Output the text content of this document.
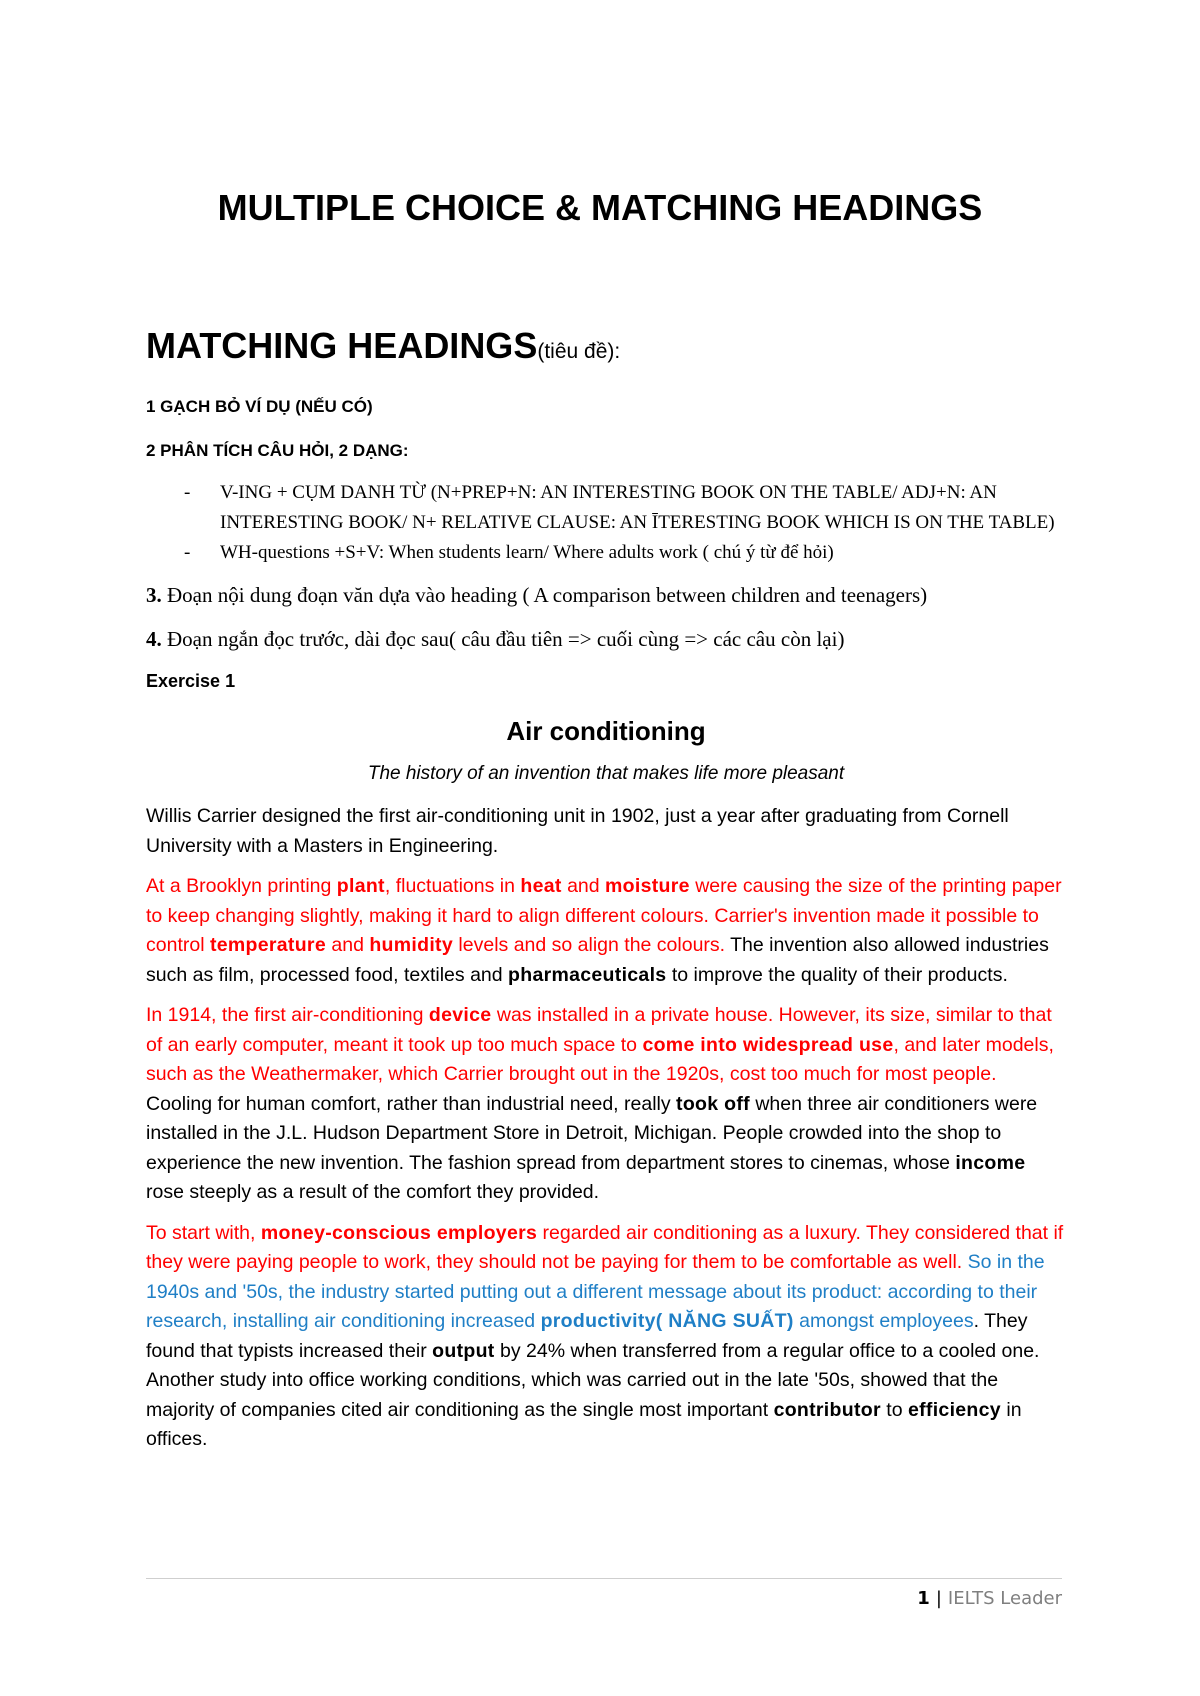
MULTIPLE CHOICE & MATCHING HEADINGS
MATCHING HEADINGS(tiêu đề):

1 GẠCH BỎ VÍ DỤ (NẾU CÓ)

2 PHÂN TÍCH CÂU HỎI, 2 DẠNG:

- V-ING + CỤM DANH TỪ (N+PREP+N: AN INTERESTING BOOK ON THE TABLE/ ADJ+N: AN INTERESTING BOOK/ N+ RELATIVE CLAUSE: AN ĪTERESTING BOOK WHICH IS ON THE TABLE)
- WH-questions +S+V: When students learn/ Where adults work ( chú ý từ để hỏi)

3. Đoạn nội dung đoạn văn dựa vào heading ( A comparison between children and teenagers)

4. Đoạn ngắn đọc trước, dài đọc sau( câu đầu tiên => cuối cùng => các câu còn lại)

Exercise 1

Air conditioning
The history of an invention that makes life more pleasant

Willis Carrier designed the first air-conditioning unit in 1902, just a year after graduating from Cornell University with a Masters in Engineering.

At a Brooklyn printing plant, fluctuations in heat and moisture were causing the size of the printing paper to keep changing slightly, making it hard to align different colours. Carrier's invention made it possible to control temperature and humidity levels and so align the colours. The invention also allowed industries such as film, processed food, textiles and pharmaceuticals to improve the quality of their products.

In 1914, the first air-conditioning device was installed in a private house. However, its size, similar to that of an early computer, meant it took up too much space to come into widespread use, and later models, such as the Weathermaker, which Carrier brought out in the 1920s, cost too much for most people. Cooling for human comfort, rather than industrial need, really took off when three air conditioners were installed in the J.L. Hudson Department Store in Detroit, Michigan. People crowded into the shop to experience the new invention. The fashion spread from department stores to cinemas, whose income rose steeply as a result of the comfort they provided.

To start with, money-conscious employers regarded air conditioning as a luxury. They considered that if they were paying people to work, they should not be paying for them to be comfortable as well. So in the 1940s and '50s, the industry started putting out a different message about its product: according to their research, installing air conditioning increased productivity( NĂNG SUẤT) amongst employees. They found that typists increased their output by 24% when transferred from a regular office to a cooled one. Another study into office working conditions, which was carried out in the late '50s, showed that the majority of companies cited air conditioning as the single most important contributor to efficiency in offices.

1 | IELTS Leader
